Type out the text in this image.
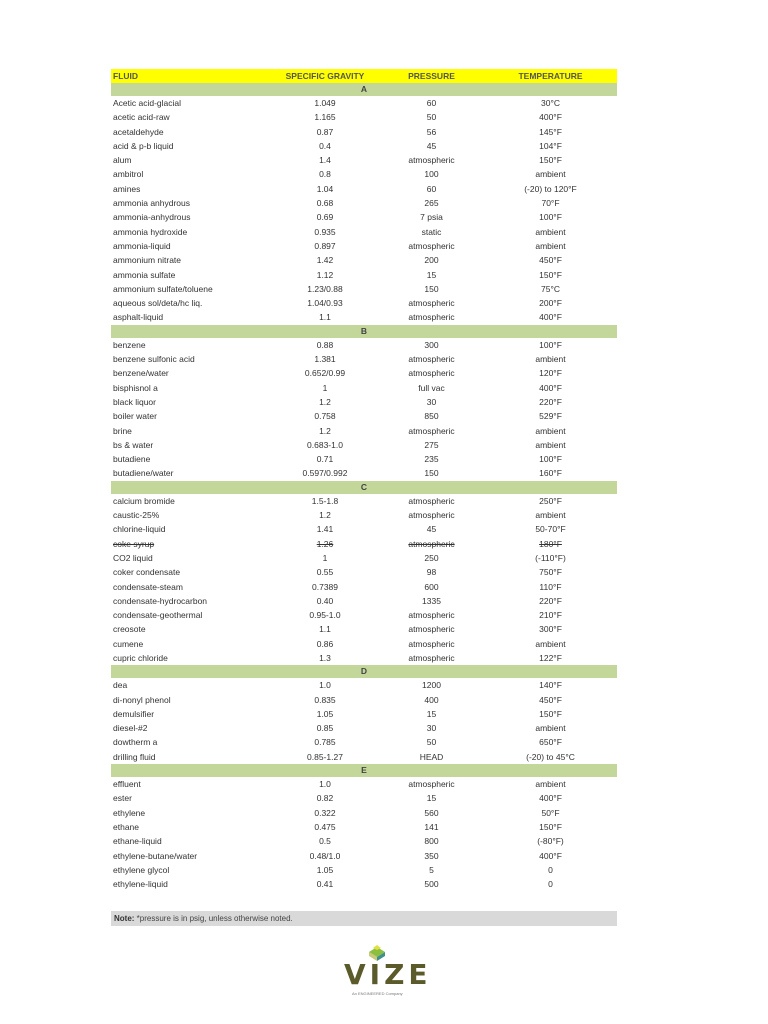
FLUID	SPECIFIC GRAVITY	PRESSURE	TEMPERATURE
A			
Acetic acid-glacial	1.049	60	30°C
acetic acid-raw	1.165	50	400°F
acetaldehyde	0.87	56	145°F
acid & p-b liquid	0.4	45	104°F
alum	1.4	atmospheric	150°F
ambitrol	0.8	100	ambient
amines	1.04	60	(-20) to 120°F
ammonia anhydrous	0.68	265	70°F
ammonia-anhydrous	0.69	7 psia	100°F
ammonia hydroxide	0.935	static	ambient
ammonia-liquid	0.897	atmospheric	ambient
ammonium nitrate	1.42	200	450°F
ammonia sulfate	1.12	15	150°F
ammonium sulfate/toluene	1.23/0.88	150	75°C
aqueous sol/deta/hc liq.	1.04/0.93	atmospheric	200°F
asphalt-liquid	1.1	atmospheric	400°F
B			
benzene	0.88	300	100°F
benzene sulfonic acid	1.381	atmospheric	ambient
benzene/water	0.652/0.99	atmospheric	120°F
bisphisnol a	1	full vac	400°F
black liquor	1.2	30	220°F
boiler water	0.758	850	529°F
brine	1.2	atmospheric	ambient
bs & water	0.683-1.0	275	ambient
butadiene	0.71	235	100°F
butadiene/water	0.597/0.992	150	160°F
C			
calcium bromide	1.5-1.8	atmospheric	250°F
caustic-25%	1.2	atmospheric	ambient
chlorine-liquid	1.41	45	50-70°F
coke syrup	1.26	atmospheric	180°F
CO2 liquid	1	250	(-110°F)
coker condensate	0.55	98	750°F
condensate-steam	0.7389	600	110°F
condensate-hydrocarbon	0.40	1335	220°F
condensate-geothermal	0.95-1.0	atmospheric	210°F
creosote	1.1	atmospheric	300°F
cumene	0.86	atmospheric	ambient
cupric chloride	1.3	atmospheric	122°F
D			
dea	1.0	1200	140°F
di-nonyl phenol	0.835	400	450°F
demulsifier	1.05	15	150°F
diesel-#2	0.85	30	ambient
dowtherm a	0.785	50	650°F
drilling fluid	0.85-1.27	HEAD	(-20) to 45°C
E			
effluent	1.0	atmospheric	ambient
ester	0.82	15	400°F
ethylene	0.322	560	50°F
ethane	0.475	141	150°F
ethane-liquid	0.5	800	(-80°F)
ethylene-butane/water	0.48/1.0	350	400°F
ethylene glycol	1.05	5	0
ethylene-liquid	0.41	500	0
Note: *pressure is in psig, unless otherwise noted.
VIZE
An ENGINEERED Company
